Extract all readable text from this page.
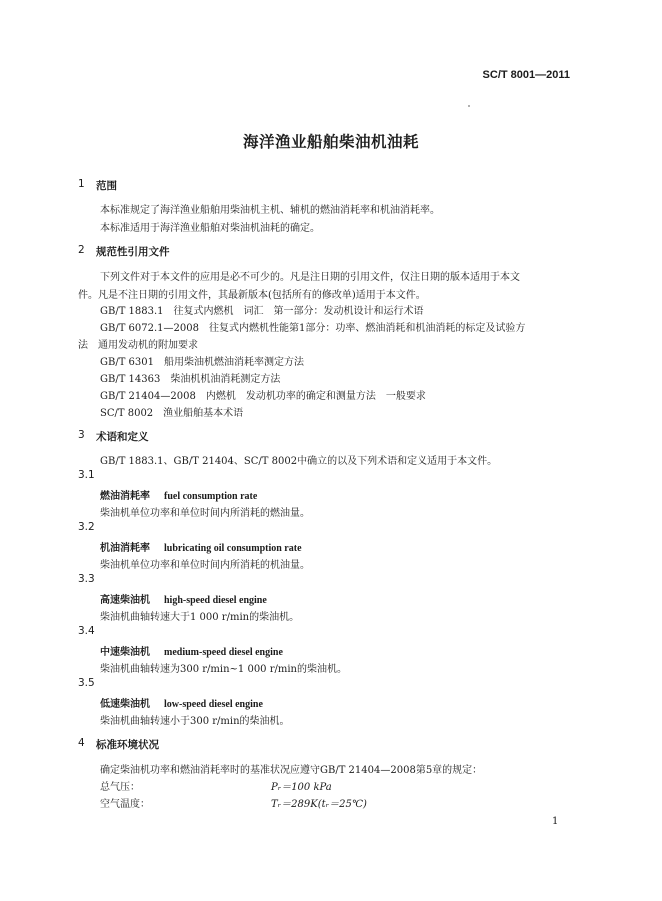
SC/T 8001—2011
海洋渔业船舶柴油机油耗
1 范围
本标准规定了海洋渔业船舶用柴油机主机、辅机的燃油消耗率和机油消耗率。
本标准适用于海洋渔业船舶对柴油机油耗的确定。
2 规范性引用文件
下列文件对于本文件的应用是必不可少的。凡是注日期的引用文件，仅注日期的版本适用于本文
件。凡是不注日期的引用文件，其最新版本(包括所有的修改单)适用于本文件。
GB/T 1883.1　往复式内燃机　词汇　第一部分：发动机设计和运行术语
GB/T 6072.1—2008　往复式内燃机性能第1部分：功率、燃油消耗和机油消耗的标定及试验方
法　通用发动机的附加要求
GB/T 6301　船用柴油机燃油消耗率测定方法
GB/T 14363　柴油机机油消耗测定方法
GB/T 21404—2008　内燃机　发动机功率的确定和测量方法　一般要求
SC/T 8002　渔业船舶基本术语
3 术语和定义
GB/T 1883.1、GB/T 21404、SC/T 8002中确立的以及下列术语和定义适用于本文件。
3.1
燃油消耗率 fuel consumption rate
柴油机单位功率和单位时间内所消耗的燃油量。
3.2
机油消耗率 lubricating oil consumption rate
柴油机单位功率和单位时间内所消耗的机油量。
3.3
高速柴油机 high-speed diesel engine
柴油机曲轴转速大于1 000 r/min的柴油机。
3.4
中速柴油机 medium-speed diesel engine
柴油机曲轴转速为300 r/min~1 000 r/min的柴油机。
3.5
低速柴油机 low-speed diesel engine
柴油机曲轴转速小于300 r/min的柴油机。
4 标准环境状况
确定柴油机功率和燃油消耗率时的基准状况应遵守GB/T 21404—2008第5章的规定：
总气压：	Pᵣ＝100 kPa
空气温度：	Tᵣ＝289K(tᵣ＝25℃)
1
